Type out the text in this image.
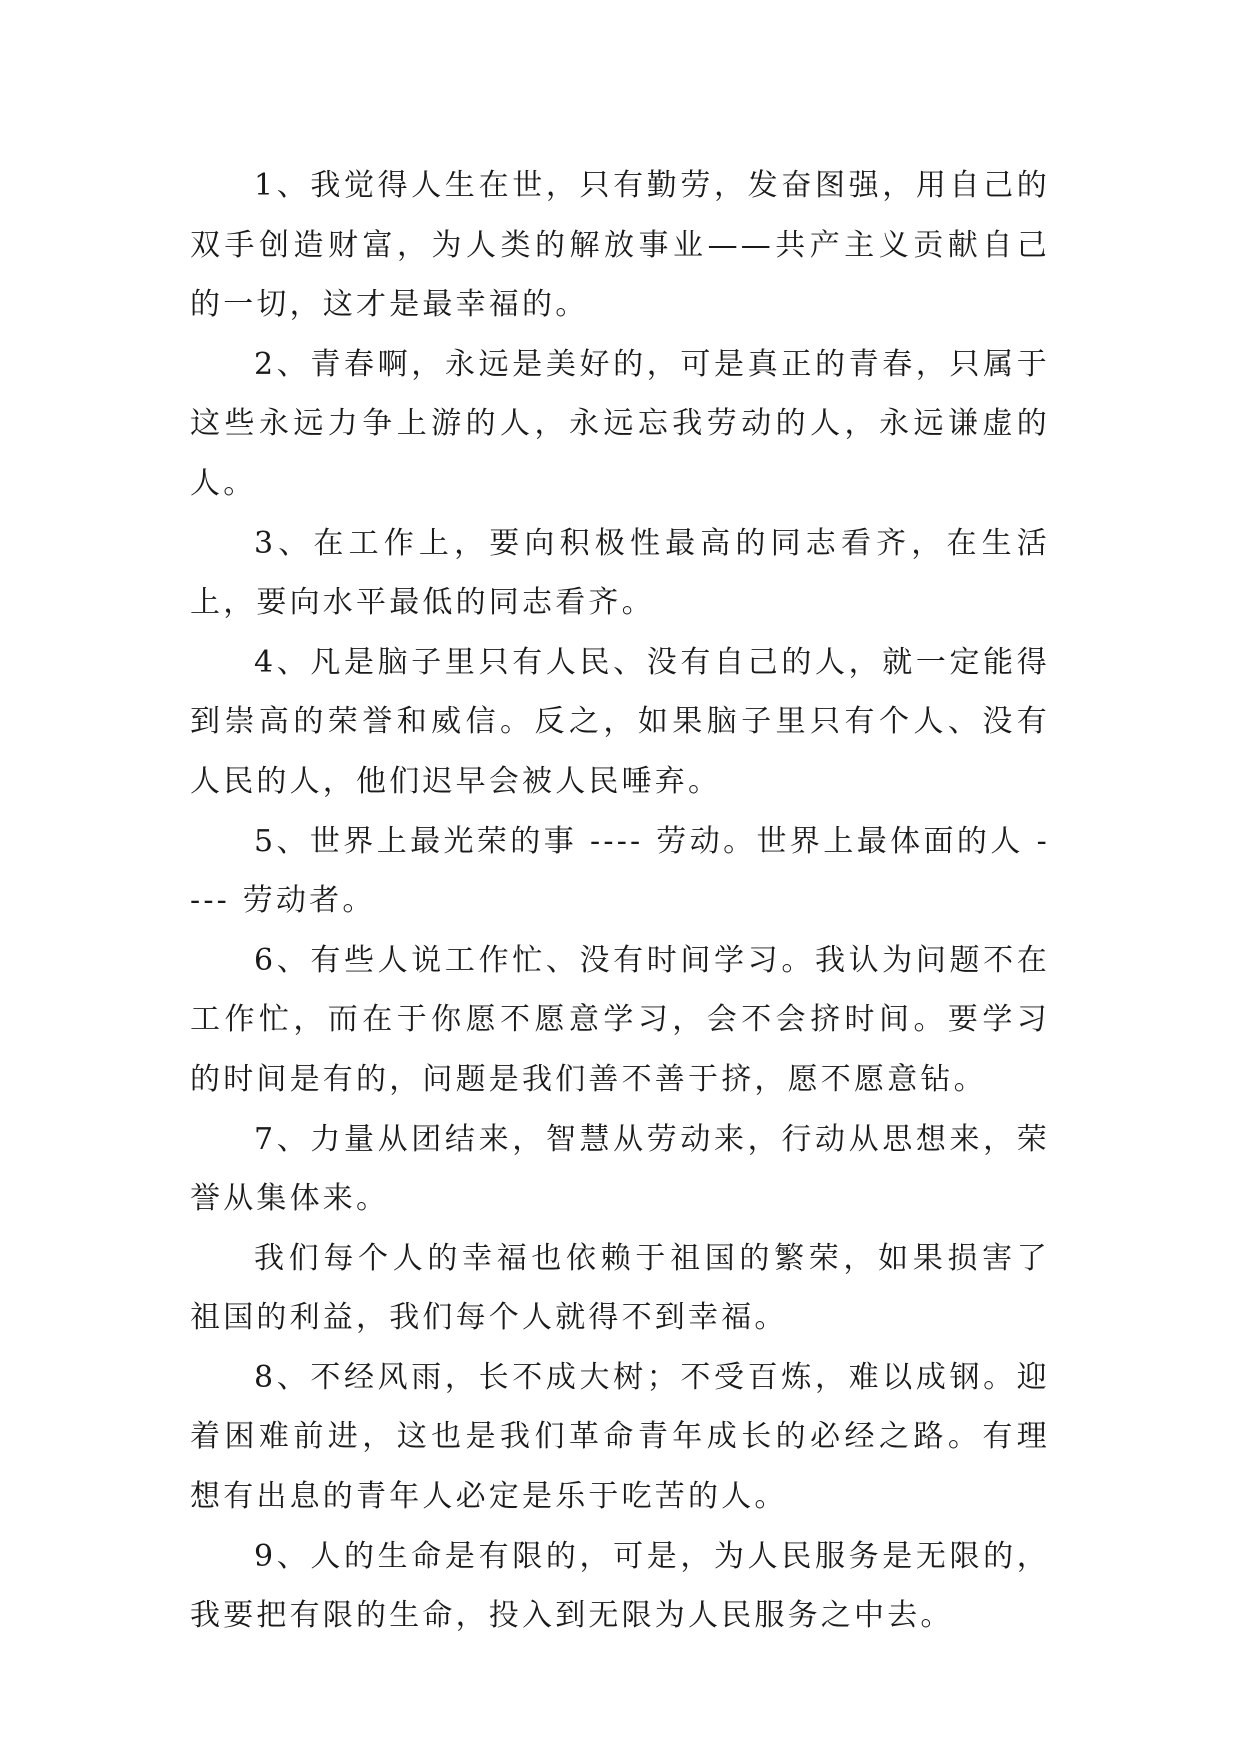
1、我觉得人生在世，只有勤劳，发奋图强，用自己的双手创造财富，为人类的解放事业——共产主义贡献自己的一切，这才是最幸福的。

2、青春啊，永远是美好的，可是真正的青春，只属于这些永远力争上游的人，永远忘我劳动的人，永远谦虚的人。

3、在工作上，要向积极性最高的同志看齐，在生活上，要向水平最低的同志看齐。

4、凡是脑子里只有人民、没有自己的人，就一定能得到崇高的荣誉和威信。反之，如果脑子里只有个人、没有人民的人，他们迟早会被人民唾弃。

5、世界上最光荣的事 ---- 劳动。世界上最体面的人 ---- 劳动者。

6、有些人说工作忙、没有时间学习。我认为问题不在工作忙，而在于你愿不愿意学习，会不会挤时间。要学习的时间是有的，问题是我们善不善于挤，愿不愿意钻。

7、力量从团结来，智慧从劳动来，行动从思想来，荣誉从集体来。

我们每个人的幸福也依赖于祖国的繁荣，如果损害了祖国的利益，我们每个人就得不到幸福。

8、不经风雨，长不成大树；不受百炼，难以成钢。迎着困难前进，这也是我们革命青年成长的必经之路。有理想有出息的青年人必定是乐于吃苦的人。

9、人的生命是有限的，可是，为人民服务是无限的，我要把有限的生命，投入到无限为人民服务之中去。
